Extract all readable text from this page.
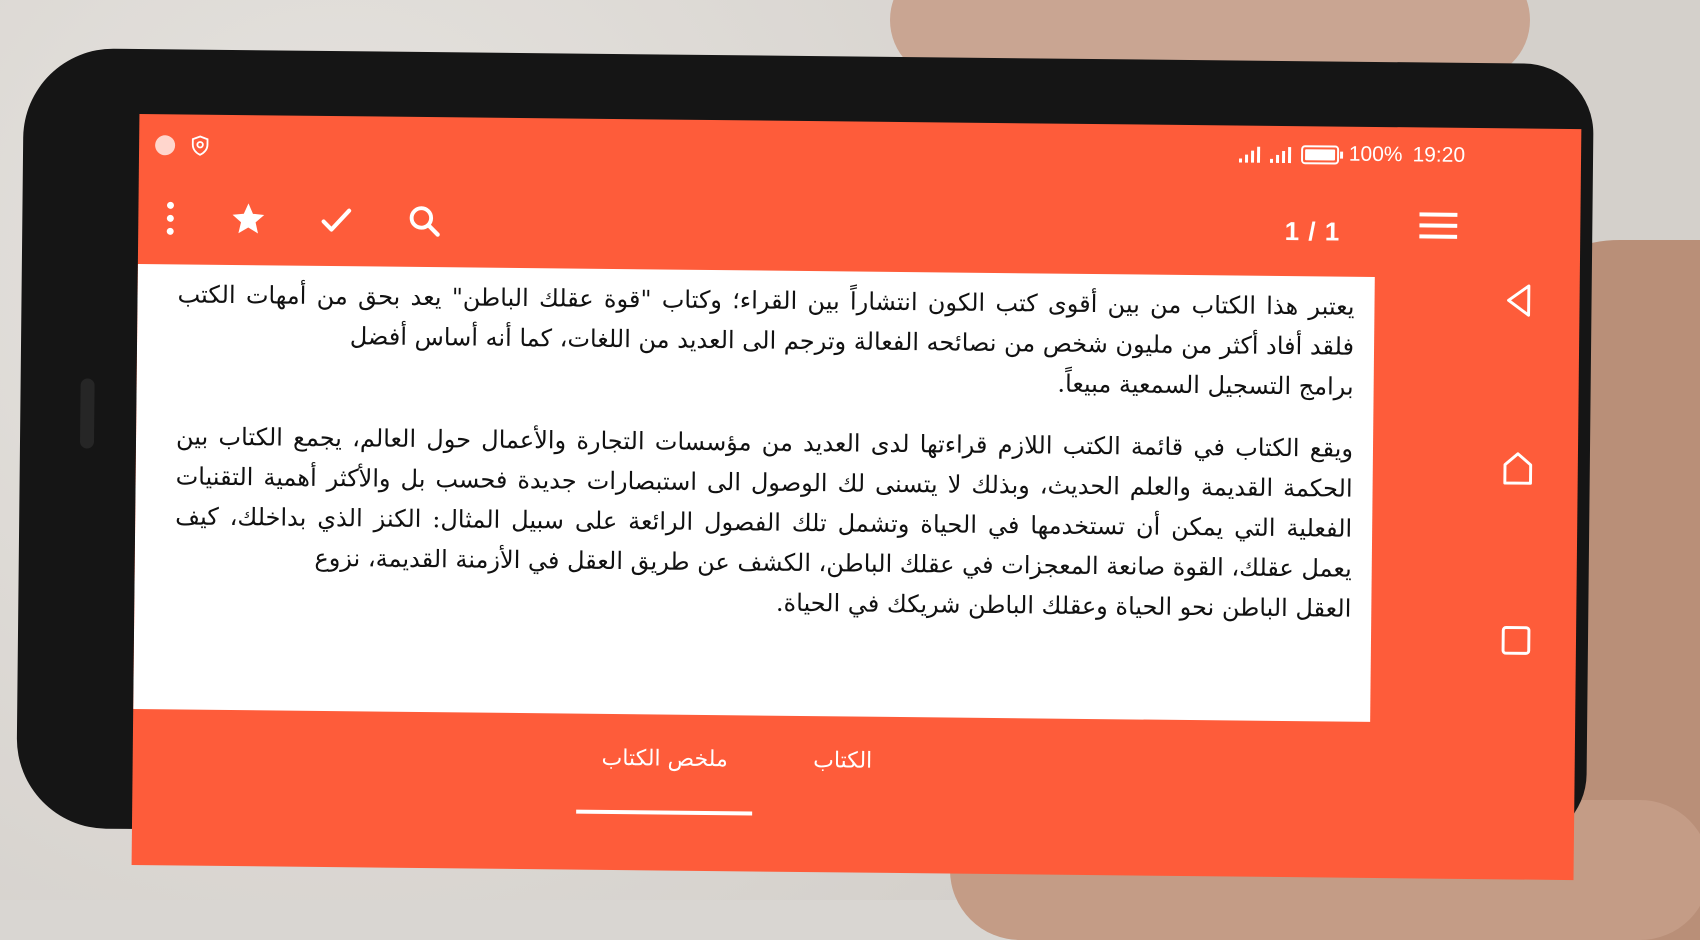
100% 19:20
1 / 1

يعتبر هذا الكتاب من بين أقوى كتب الكون انتشاراً بين القراء؛ وكتاب "قوة عقلك الباطن" يعد بحق من أمهات الكتب فلقد أفاد أكثر من مليون شخص من نصائحه الفعالة وترجم الى العديد من اللغات، كما أنه أساس أفضل
برامج التسجيل السمعية مبيعاً.

ويقع الكتاب في قائمة الكتب اللازم قراءتها لدى العديد من مؤسسات التجارة والأعمال حول العالم، يجمع الكتاب بين الحكمة القديمة والعلم الحديث، وبذلك لا يتسنى لك الوصول الى استبصارات جديدة فحسب بل والأكثر أهمية التقنيات الفعلية التي يمكن أن تستخدمها في الحياة وتشمل تلك الفصول الرائعة على سبيل المثال: الكنز الذي بداخلك، كيف يعمل عقلك، القوة صانعة المعجزات في عقلك الباطن، الكشف عن طريق العقل في الأزمنة القديمة، نزوع
العقل الباطن نحو الحياة وعقلك الباطن شريكك في الحياة.

الكتاب
ملخص الكتاب
